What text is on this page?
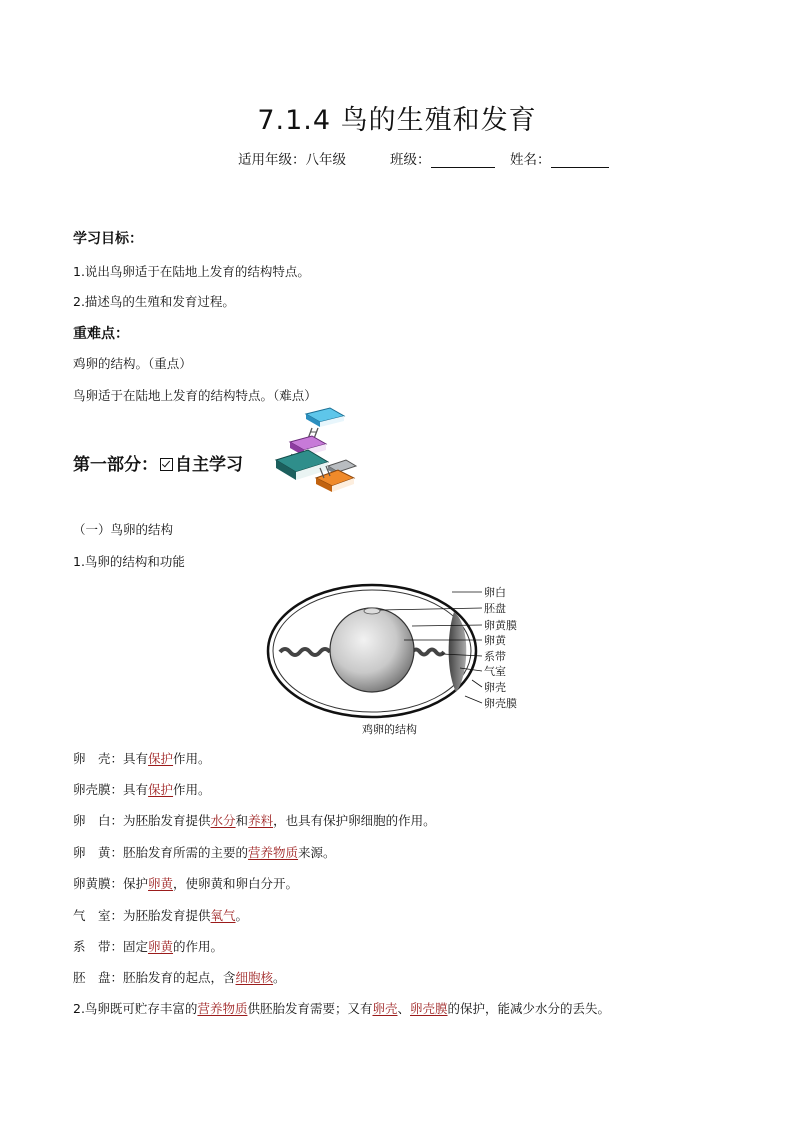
7.1.4 鸟的生殖和发育
适用年级：八年级	班级：	姓名：
学习目标：
1.说出鸟卵适于在陆地上发育的结构特点。
2.描述鸟的生殖和发育过程。
重难点：
鸡卵的结构。（重点）
鸟卵适于在陆地上发育的结构特点。（难点）
第一部分： 自主学习
（一）鸟卵的结构
1.鸟卵的结构和功能
卵白
胚盘
卵黄膜
卵黄
系带
气室
卵壳
卵壳膜
鸡卵的结构
卵　壳：具有保护作用。
卵壳膜：具有保护作用。
卵　白：为胚胎发育提供水分和养料，也具有保护卵细胞的作用。
卵　黄：胚胎发育所需的主要的营养物质来源。
卵黄膜：保护卵黄，使卵黄和卵白分开。
气　室：为胚胎发育提供氧气。
系　带：固定卵黄的作用。
胚　盘：胚胎发育的起点，含细胞核。
2.鸟卵既可贮存丰富的营养物质供胚胎发育需要；又有卵壳、卵壳膜的保护，能减少水分的丢失。
